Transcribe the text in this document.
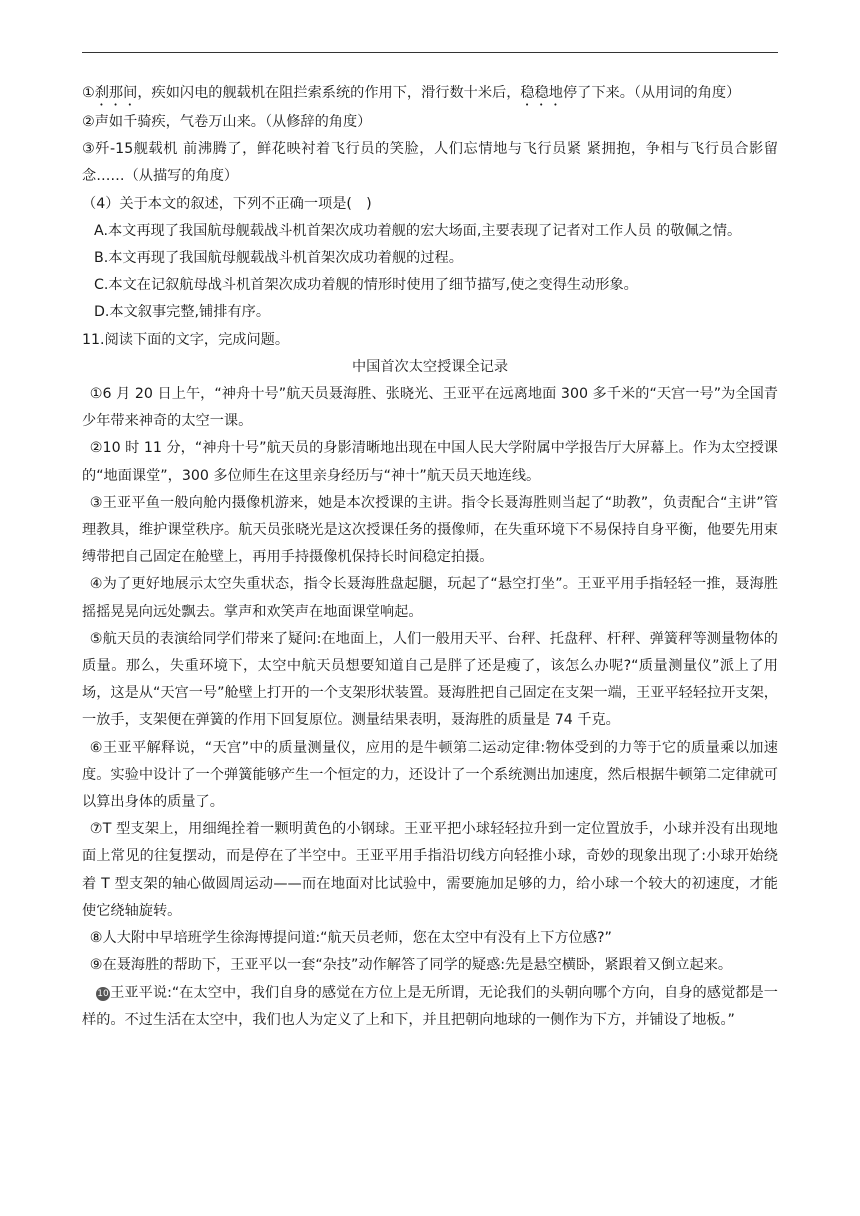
①刹那间，疾如闪电的舰载机在阻拦索系统的作用下，滑行数十米后，稳稳地停了下来。（从用词的角度）

②声如千骑疾，气卷万山来。（从修辞的角度）

③歼-15舰载机 前沸腾了，鲜花映衬着飞行员的笑脸，人们忘情地与飞行员紧 紧拥抱，争相与飞行员合影留念……（从描写的角度）

（4）关于本文的叙述，下列不正确一项是(　)

A.本文再现了我国航母舰载战斗机首架次成功着舰的宏大场面,主要表现了记者对工作人员 的敬佩之情。

B.本文再现了我国航母舰载战斗机首架次成功着舰的过程。

C.本文在记叙航母战斗机首架次成功着舰的情形时使用了细节描写,使之变得生动形象。

D.本文叙事完整,铺排有序。

11.阅读下面的文字，完成问题。

中国首次太空授课全记录

①6 月 20 日上午，“神舟十号”航天员聂海胜、张晓光、王亚平在远离地面 300 多千米的“天宫一号”为全国青少年带来神奇的太空一课。

②10 时 11 分，“神舟十号”航天员的身影清晰地出现在中国人民大学附属中学报告厅大屏幕上。作为太空授课的“地面课堂”，300 多位师生在这里亲身经历与“神十”航天员天地连线。

③王亚平鱼一般向舱内摄像机游来，她是本次授课的主讲。指令长聂海胜则当起了“助教”，负责配合“主讲”管理教具，维护课堂秩序。航天员张晓光是这次授课任务的摄像师，在失重环境下不易保持自身平衡，他要先用束缚带把自己固定在舱壁上，再用手持摄像机保持长时间稳定拍摄。

④为了更好地展示太空失重状态，指令长聂海胜盘起腿，玩起了“悬空打坐”。王亚平用手指轻轻一推，聂海胜摇摇晃晃向远处飘去。掌声和欢笑声在地面课堂响起。

⑤航天员的表演给同学们带来了疑问:在地面上，人们一般用天平、台秤、托盘秤、杆秤、弹簧秤等测量物体的质量。那么，失重环境下，太空中航天员想要知道自己是胖了还是瘦了，该怎么办呢?“质量测量仪”派上了用场，这是从“天宫一号”舱壁上打开的一个支架形状装置。聂海胜把自己固定在支架一端，王亚平轻轻拉开支架，一放手，支架便在弹簧的作用下回复原位。测量结果表明，聂海胜的质量是 74 千克。

⑥王亚平解释说，“天宫”中的质量测量仪，应用的是牛顿第二运动定律:物体受到的力等于它的质量乘以加速度。实验中设计了一个弹簧能够产生一个恒定的力，还设计了一个系统测出加速度，然后根据牛顿第二定律就可以算出身体的质量了。

⑦T 型支架上，用细绳拴着一颗明黄色的小钢球。王亚平把小球轻轻拉升到一定位置放手，小球并没有出现地面上常见的往复摆动，而是停在了半空中。王亚平用手指沿切线方向轻推小球，奇妙的现象出现了:小球开始绕着 T 型支架的轴心做圆周运动——而在地面对比试验中，需要施加足够的力，给小球一个较大的初速度，才能使它绕轴旋转。

⑧人大附中早培班学生徐海博提问道:“航天员老师，您在太空中有没有上下方位感?”

⑨在聂海胜的帮助下，王亚平以一套“杂技”动作解答了同学的疑惑:先是悬空横卧，紧跟着又倒立起来。

10王亚平说:“在太空中，我们自身的感觉在方位上是无所谓，无论我们的头朝向哪个方向，自身的感觉都是一样的。不过生活在太空中，我们也人为定义了上和下，并且把朝向地球的一侧作为下方，并铺设了地板。”
